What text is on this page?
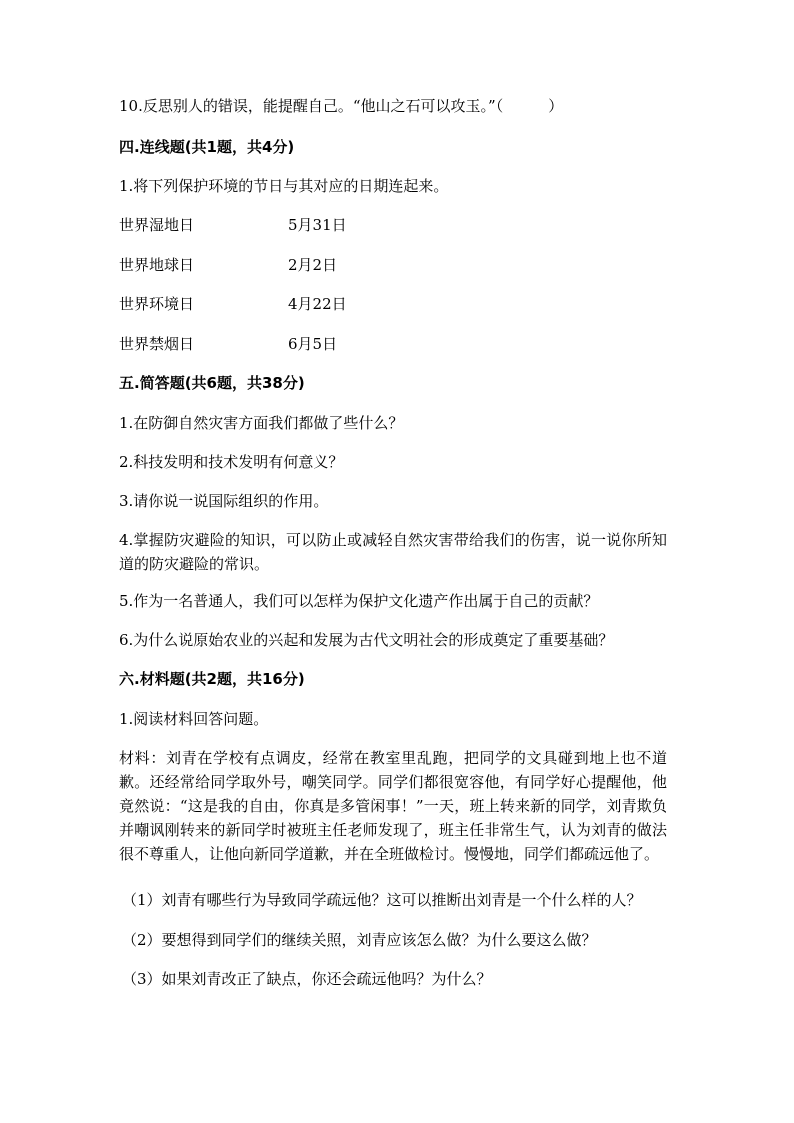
10.反思别人的错误，能提醒自己。“他山之石可以攻玉。”（　　　）
四.连线题(共1题，共4分)
1.将下列保护环境的节日与其对应的日期连起来。
世界湿地日	5月31日
世界地球日	2月2日
世界环境日	4月22日
世界禁烟日	6月5日
五.简答题(共6题，共38分)
1.在防御自然灾害方面我们都做了些什么？
2.科技发明和技术发明有何意义？
3.请你说一说国际组织的作用。
4.掌握防灾避险的知识，可以防止或减轻自然灾害带给我们的伤害，说一说你所知道的防灾避险的常识。
5.作为一名普通人，我们可以怎样为保护文化遗产作出属于自己的贡献？
6.为什么说原始农业的兴起和发展为古代文明社会的形成奠定了重要基础？
六.材料题(共2题，共16分)
1.阅读材料回答问题。
材料：刘青在学校有点调皮，经常在教室里乱跑，把同学的文具碰到地上也不道歉。还经常给同学取外号，嘲笑同学。同学们都很宽容他，有同学好心提醒他，他竟然说：“这是我的自由，你真是多管闲事！”一天，班上转来新的同学，刘青欺负并嘲讽刚转来的新同学时被班主任老师发现了，班主任非常生气，认为刘青的做法很不尊重人，让他向新同学道歉，并在全班做检讨。慢慢地，同学们都疏远他了。
（1）刘青有哪些行为导致同学疏远他？这可以推断出刘青是一个什么样的人？
（2）要想得到同学们的继续关照，刘青应该怎么做？为什么要这么做？
（3）如果刘青改正了缺点，你还会疏远他吗？为什么？
